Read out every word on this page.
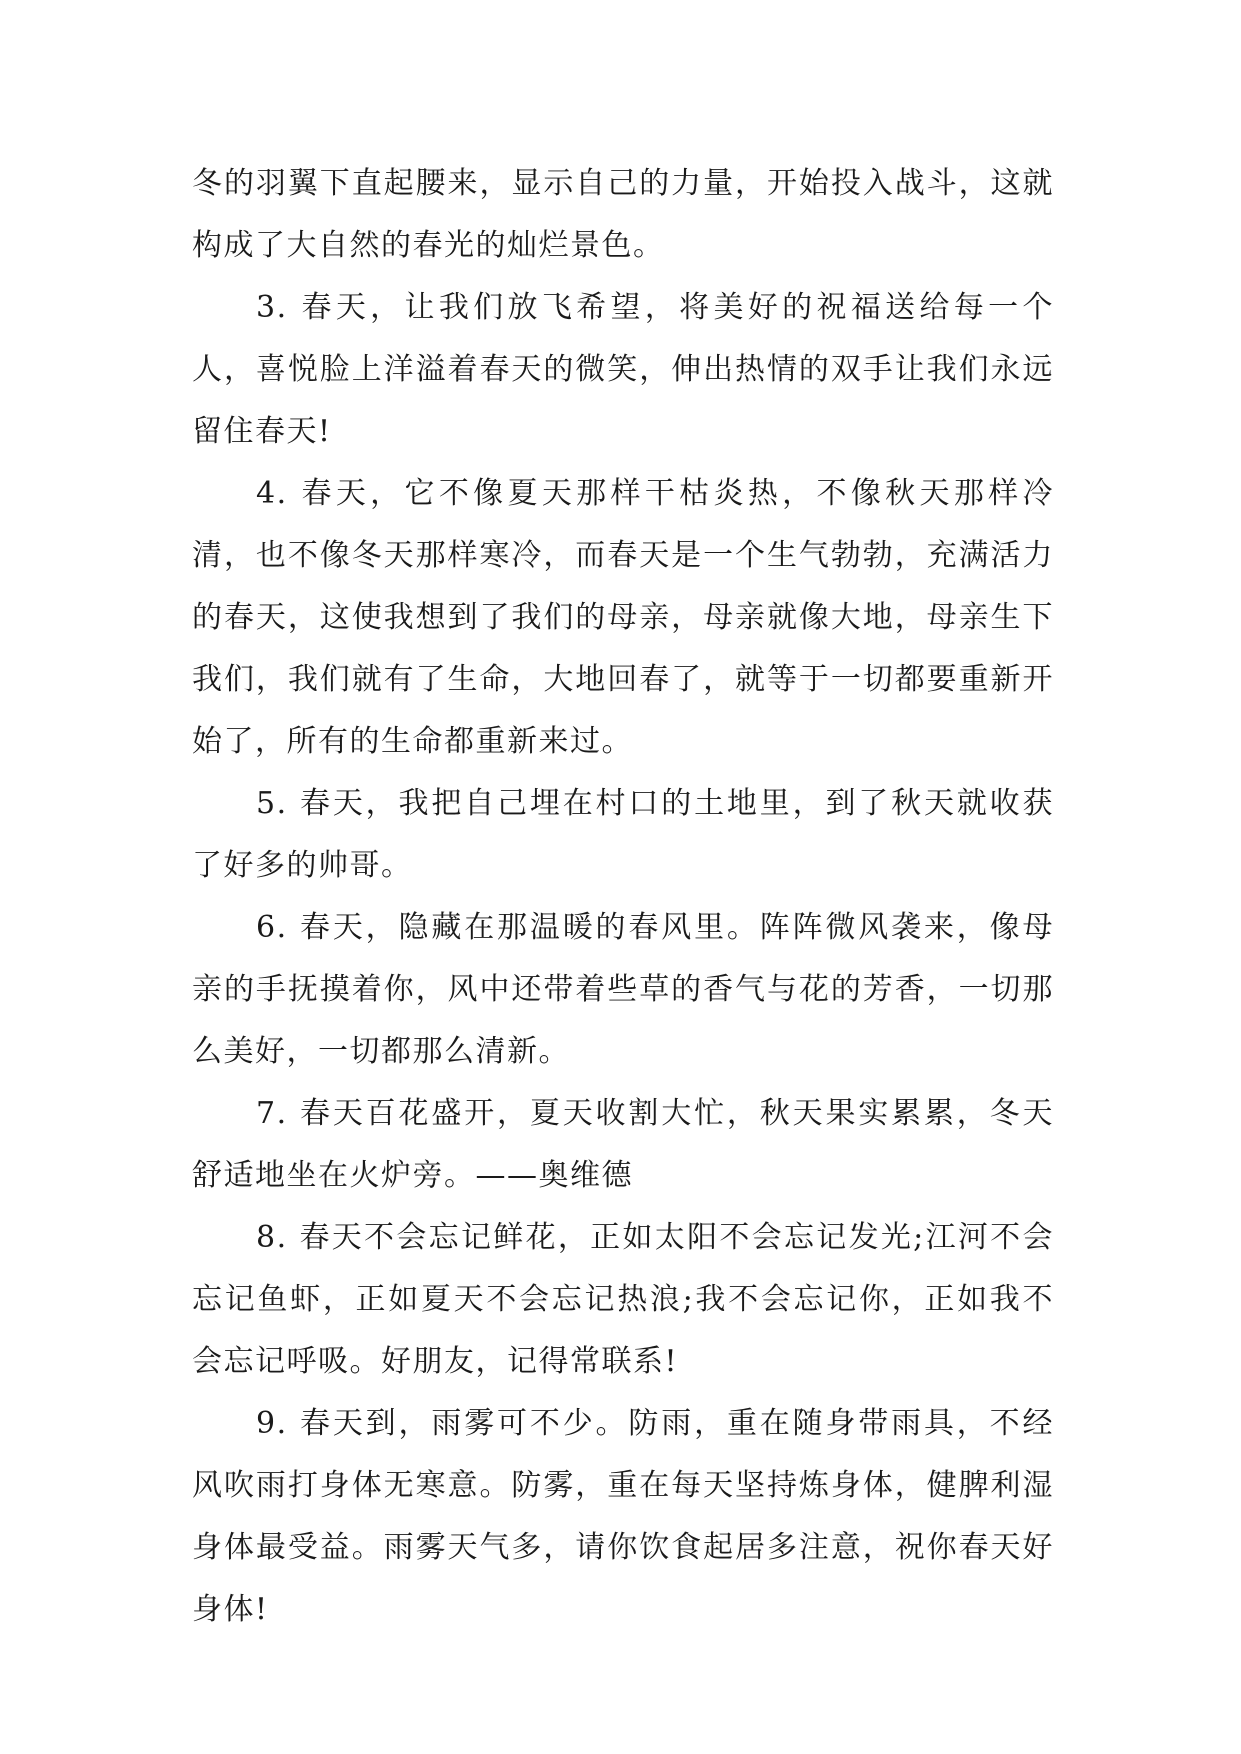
冬的羽翼下直起腰来，显示自己的力量，开始投入战斗，这就构成了大自然的春光的灿烂景色。

3. 春天，让我们放飞希望，将美好的祝福送给每一个人，喜悦脸上洋溢着春天的微笑，伸出热情的双手让我们永远留住春天!

4. 春天，它不像夏天那样干枯炎热，不像秋天那样冷清，也不像冬天那样寒冷，而春天是一个生气勃勃，充满活力的春天，这使我想到了我们的母亲，母亲就像大地，母亲生下我们，我们就有了生命，大地回春了，就等于一切都要重新开始了，所有的生命都重新来过。

5. 春天，我把自己埋在村口的土地里，到了秋天就收获了好多的帅哥。

6. 春天，隐藏在那温暖的春风里。阵阵微风袭来，像母亲的手抚摸着你，风中还带着些草的香气与花的芳香，一切那么美好，一切都那么清新。

7. 春天百花盛开，夏天收割大忙，秋天果实累累，冬天舒适地坐在火炉旁。——奥维德

8. 春天不会忘记鲜花，正如太阳不会忘记发光;江河不会忘记鱼虾，正如夏天不会忘记热浪;我不会忘记你，正如我不会忘记呼吸。好朋友，记得常联系!

9. 春天到，雨雾可不少。防雨，重在随身带雨具，不经风吹雨打身体无寒意。防雾，重在每天坚持炼身体，健脾利湿身体最受益。雨雾天气多，请你饮食起居多注意，祝你春天好身体!
